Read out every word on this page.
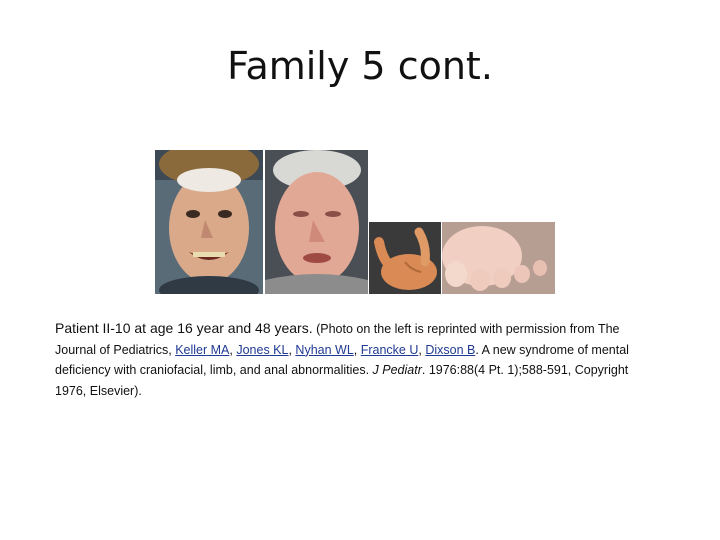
Family 5 cont.
Patient II-10 at age 16 year and 48 years. (Photo on the left is reprinted with permission from The Journal of Pediatrics, Keller MA, Jones KL, Nyhan WL, Francke U, Dixson B. A new syndrome of mental deficiency with craniofacial, limb, and anal abnormalities. J Pediatr. 1976:88(4 Pt. 1);588-591, Copyright 1976, Elsevier).
